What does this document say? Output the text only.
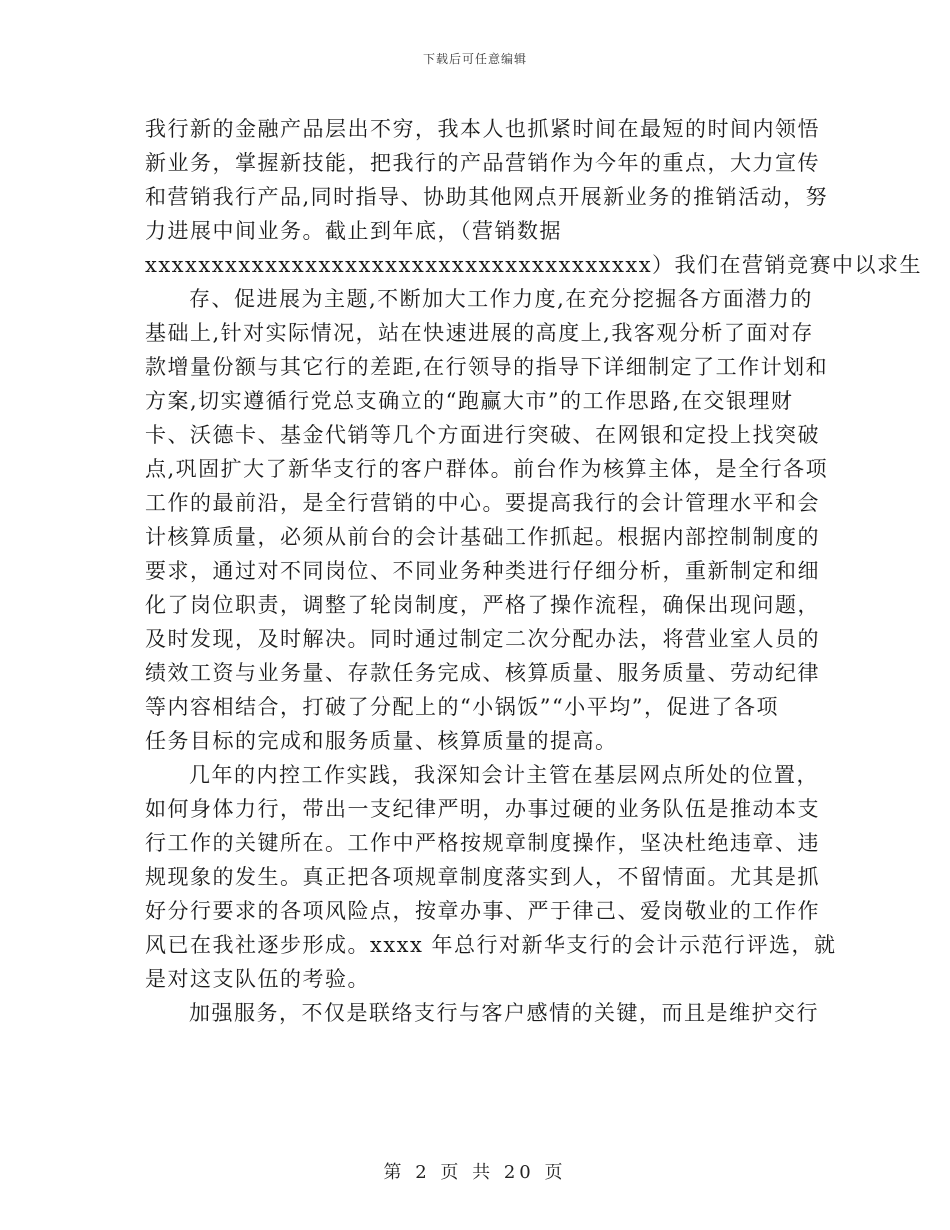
下载后可任意编辑
我行新的金融产品层出不穷，我本人也抓紧时间在最短的时间内领悟
新业务，掌握新技能，把我行的产品营销作为今年的重点，大力宣传
和营销我行产品,同时指导、协助其他网点开展新业务的推销活动，努
力进展中间业务。截止到年底，（营销数据
xxxxxxxxxxxxxxxxxxxxxxxxxxxxxxxxxxxxxx）我们在营销竞赛中以求生
存、促进展为主题,不断加大工作力度,在充分挖掘各方面潜力的
基础上,针对实际情况，站在快速进展的高度上,我客观分析了面对存
款增量份额与其它行的差距,在行领导的指导下详细制定了工作计划和
方案,切实遵循行党总支确立的“跑赢大市”的工作思路,在交银理财
卡、沃德卡、基金代销等几个方面进行突破、在网银和定投上找突破
点,巩固扩大了新华支行的客户群体。前台作为核算主体，是全行各项
工作的最前沿，是全行营销的中心。要提高我行的会计管理水平和会
计核算质量，必须从前台的会计基础工作抓起。根据内部控制制度的
要求，通过对不同岗位、不同业务种类进行仔细分析，重新制定和细
化了岗位职责，调整了轮岗制度，严格了操作流程，确保出现问题，
及时发现，及时解决。同时通过制定二次分配办法，将营业室人员的
绩效工资与业务量、存款任务完成、核算质量、服务质量、劳动纪律
等内容相结合，打破了分配上的“小锅饭”“小平均”，促进了各项
任务目标的完成和服务质量、核算质量的提高。
几年的内控工作实践，我深知会计主管在基层网点所处的位置，
如何身体力行，带出一支纪律严明，办事过硬的业务队伍是推动本支
行工作的关键所在。工作中严格按规章制度操作，坚决杜绝违章、违
规现象的发生。真正把各项规章制度落实到人，不留情面。尤其是抓
好分行要求的各项风险点，按章办事、严于律己、爱岗敬业的工作作
风已在我社逐步形成。xxxx 年总行对新华支行的会计示范行评选，就
是对这支队伍的考验。
加强服务，不仅是联络支行与客户感情的关键，而且是维护交行
第 2 页 共 20 页
